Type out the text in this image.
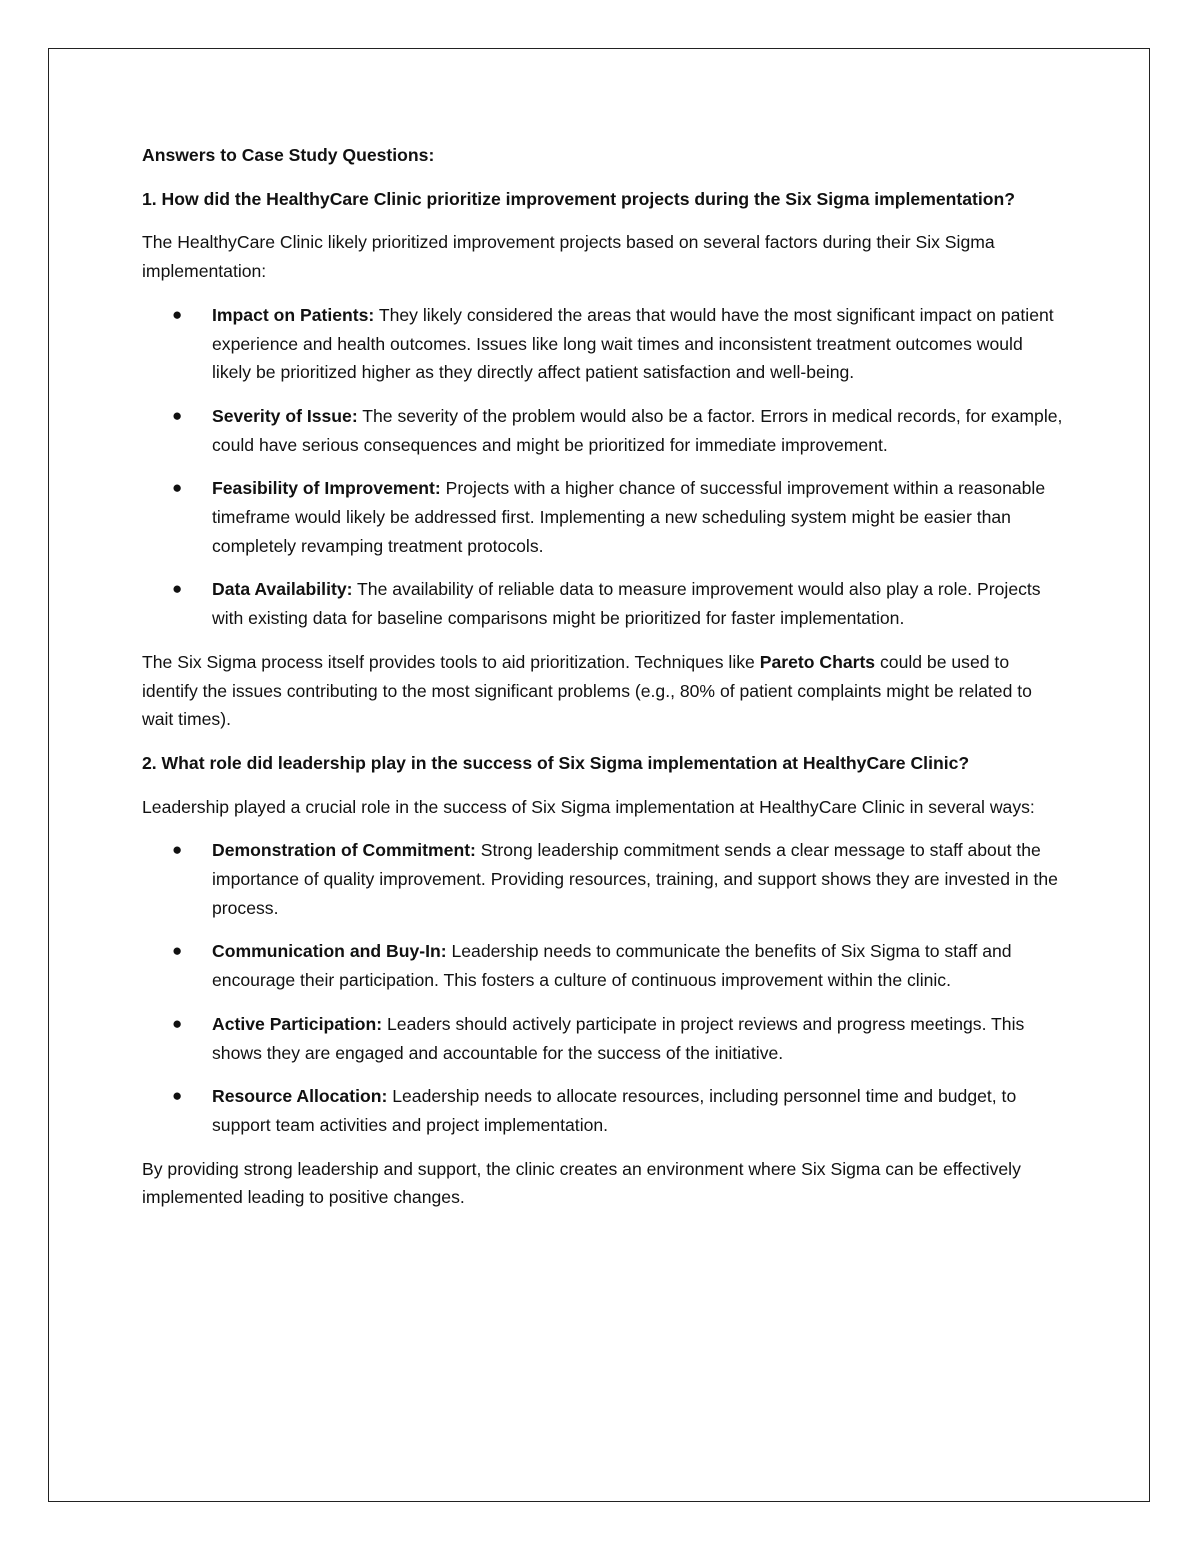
Answers to Case Study Questions:

1. How did the HealthyCare Clinic prioritize improvement projects during the Six Sigma implementation?

The HealthyCare Clinic likely prioritized improvement projects based on several factors during their Six Sigma implementation:

● Impact on Patients: They likely considered the areas that would have the most significant impact on patient experience and health outcomes. Issues like long wait times and inconsistent treatment outcomes would likely be prioritized higher as they directly affect patient satisfaction and well-being.
● Severity of Issue: The severity of the problem would also be a factor. Errors in medical records, for example, could have serious consequences and might be prioritized for immediate improvement.
● Feasibility of Improvement: Projects with a higher chance of successful improvement within a reasonable timeframe would likely be addressed first. Implementing a new scheduling system might be easier than completely revamping treatment protocols.
● Data Availability: The availability of reliable data to measure improvement would also play a role. Projects with existing data for baseline comparisons might be prioritized for faster implementation.

The Six Sigma process itself provides tools to aid prioritization. Techniques like Pareto Charts could be used to identify the issues contributing to the most significant problems (e.g., 80% of patient complaints might be related to wait times).

2. What role did leadership play in the success of Six Sigma implementation at HealthyCare Clinic?

Leadership played a crucial role in the success of Six Sigma implementation at HealthyCare Clinic in several ways:

● Demonstration of Commitment: Strong leadership commitment sends a clear message to staff about the importance of quality improvement. Providing resources, training, and support shows they are invested in the process.
● Communication and Buy-In: Leadership needs to communicate the benefits of Six Sigma to staff and encourage their participation. This fosters a culture of continuous improvement within the clinic.
● Active Participation: Leaders should actively participate in project reviews and progress meetings. This shows they are engaged and accountable for the success of the initiative.
● Resource Allocation: Leadership needs to allocate resources, including personnel time and budget, to support team activities and project implementation.

By providing strong leadership and support, the clinic creates an environment where Six Sigma can be effectively implemented leading to positive changes.
